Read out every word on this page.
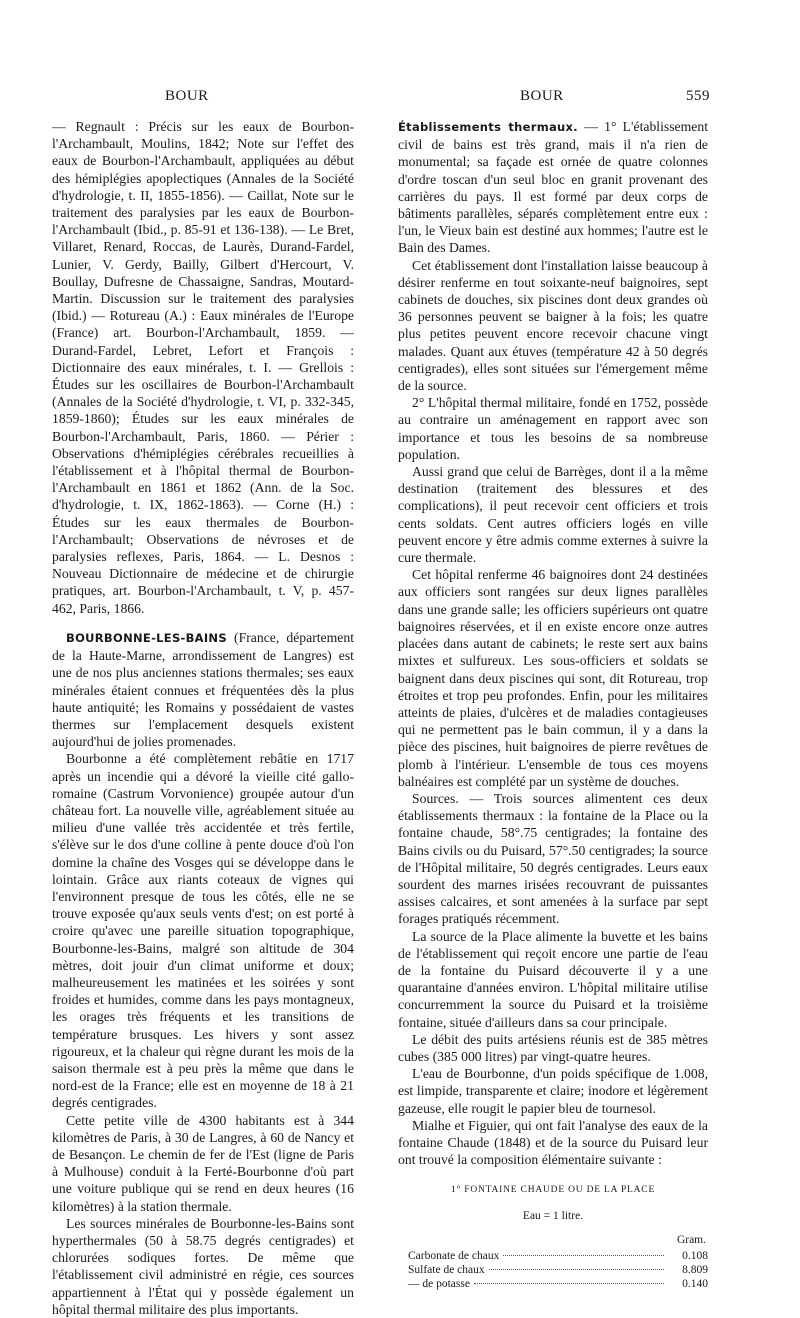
BOUR	BOUR	559

— Regnault : Précis sur les eaux de Bourbon-l'Archambault, Moulins, 1842; Note sur l'effet des eaux de Bourbon-l'Archambault, appliquées au début des hémiplégies apoplectiques (Annales de la Société d'hydrologie, t. II, 1855-1856). — Caillat, Note sur le traitement des paralysies par les eaux de Bourbon-l'Archambault (Ibid., p. 85-91 et 136-138). — Le Bret, Villaret, Renard, Roccas, de Laurès, Durand-Fardel, Lunier, V. Gerdy, Bailly, Gilbert d'Hercourt, V. Boullay, Dufresne de Chassaigne, Sandras, Moutard-Martin. Discussion sur le traitement des paralysies (Ibid.) — Rotureau (A.) : Eaux minérales de l'Europe (France) art. Bourbon-l'Archambault, 1859. — Durand-Fardel, Lebret, Lefort et François : Dictionnaire des eaux minérales, t. I. — Grellois : Études sur les oscillaires de Bourbon-l'Archambault (Annales de la Société d'hydrologie, t. VI, p. 332-345, 1859-1860); Études sur les eaux minérales de Bourbon-l'Archambault, Paris, 1860. — Périer : Observations d'hémiplégies cérébrales recueillies à l'établissement et à l'hôpital thermal de Bourbon-l'Archambault en 1861 et 1862 (Ann. de la Soc. d'hydrologie, t. IX, 1862-1863). — Corne (H.) : Études sur les eaux thermales de Bourbon-l'Archambault; Observations de névroses et de paralysies reflexes, Paris, 1864. — L. Desnos : Nouveau Dictionnaire de médecine et de chirurgie pratiques, art. Bourbon-l'Archambault, t. V, p. 457-462, Paris, 1866.

BOURBONNE-LES-BAINS (France, département de la Haute-Marne, arrondissement de Langres) est une de nos plus anciennes stations thermales; ses eaux minérales étaient connues et fréquentées dès la plus haute antiquité; les Romains y possédaient de vastes thermes sur l'emplacement desquels existent aujourd'hui de jolies promenades.

Bourbonne a été complètement rebâtie en 1717 après un incendie qui a dévoré la vieille cité gallo-romaine (Castrum Vorvonience) groupée autour d'un château fort. La nouvelle ville, agréablement située au milieu d'une vallée très accidentée et très fertile, s'élève sur le dos d'une colline à pente douce d'où l'on domine la chaîne des Vosges qui se développe dans le lointain. Grâce aux riants coteaux de vignes qui l'environnent presque de tous les côtés, elle ne se trouve exposée qu'aux seuls vents d'est; on est porté à croire qu'avec une pareille situation topographique, Bourbonne-les-Bains, malgré son altitude de 304 mètres, doit jouir d'un climat uniforme et doux; malheureusement les matinées et les soirées y sont froides et humides, comme dans les pays montagneux, les orages très fréquents et les transitions de température brusques. Les hivers y sont assez rigoureux, et la chaleur qui règne durant les mois de la saison thermale est à peu près la même que dans le nord-est de la France; elle est en moyenne de 18 à 21 degrés centigrades.

Cette petite ville de 4300 habitants est à 344 kilomètres de Paris, à 30 de Langres, à 60 de Nancy et de Besançon. Le chemin de fer de l'Est (ligne de Paris à Mulhouse) conduit à la Ferté-Bourbonne d'où part une voiture publique qui se rend en deux heures (16 kilomètres) à la station thermale.

Les sources minérales de Bourbonne-les-Bains sont hyperthermales (50 à 58.75 degrés centigrades) et chlorurées sodiques fortes. De même que l'établissement civil administré en régie, ces sources appartiennent à l'État qui y possède également un hôpital thermal militaire des plus importants.

Établissements thermaux. — 1° L'établissement civil de bains est très grand, mais il n'a rien de monumental; sa façade est ornée de quatre colonnes d'ordre toscan d'un seul bloc en granit provenant des carrières du pays. Il est formé par deux corps de bâtiments parallèles, séparés complètement entre eux : l'un, le Vieux bain est destiné aux hommes; l'autre est le Bain des Dames.

Cet établissement dont l'installation laisse beaucoup à désirer renferme en tout soixante-neuf baignoires, sept cabinets de douches, six piscines dont deux grandes où 36 personnes peuvent se baigner à la fois; les quatre plus petites peuvent encore recevoir chacune vingt malades. Quant aux étuves (température 42 à 50 degrés centigrades), elles sont situées sur l'émergement même de la source.

2° L'hôpital thermal militaire, fondé en 1752, possède au contraire un aménagement en rapport avec son importance et tous les besoins de sa nombreuse population.

Aussi grand que celui de Barrèges, dont il a la même destination (traitement des blessures et des complications), il peut recevoir cent officiers et trois cents soldats. Cent autres officiers logés en ville peuvent encore y être admis comme externes à suivre la cure thermale.

Cet hôpital renferme 46 baignoires dont 24 destinées aux officiers sont rangées sur deux lignes parallèles dans une grande salle; les officiers supérieurs ont quatre baignoires réservées, et il en existe encore onze autres placées dans autant de cabinets; le reste sert aux bains mixtes et sulfureux. Les sous-officiers et soldats se baignent dans deux piscines qui sont, dit Rotureau, trop étroites et trop peu profondes. Enfin, pour les militaires atteints de plaies, d'ulcères et de maladies contagieuses qui ne permettent pas le bain commun, il y a dans la pièce des piscines, huit baignoires de pierre revêtues de plomb à l'intérieur. L'ensemble de tous ces moyens balnéaires est complété par un système de douches.

Sources. — Trois sources alimentent ces deux établissements thermaux : la fontaine de la Place ou la fontaine chaude, 58°.75 centigrades; la fontaine des Bains civils ou du Puisard, 57°.50 centigrades; la source de l'Hôpital militaire, 50 degrés centigrades. Leurs eaux sourdent des marnes irisées recouvrant de puissantes assises calcaires, et sont amenées à la surface par sept forages pratiqués récemment.

La source de la Place alimente la buvette et les bains de l'établissement qui reçoit encore une partie de l'eau de la fontaine du Puisard découverte il y a une quarantaine d'années environ. L'hôpital militaire utilise concurremment la source du Puisard et la troisième fontaine, située d'ailleurs dans sa cour principale.

Le débit des puits artésiens réunis est de 385 mètres cubes (385 000 litres) par vingt-quatre heures.

L'eau de Bourbonne, d'un poids spécifique de 1.008, est limpide, transparente et claire; inodore et légèrement gazeuse, elle rougit le papier bleu de tournesol.

Mialhe et Figuier, qui ont fait l'analyse des eaux de la fontaine Chaude (1848) et de la source du Puisard leur ont trouvé la composition élémentaire suivante :

1° FONTAINE CHAUDE OU DE LA PLACE
Eau = 1 litre.
Gram.
Carbonate de chaux	0.108
Sulfate de chaux	8.809
— de potasse	0.140
